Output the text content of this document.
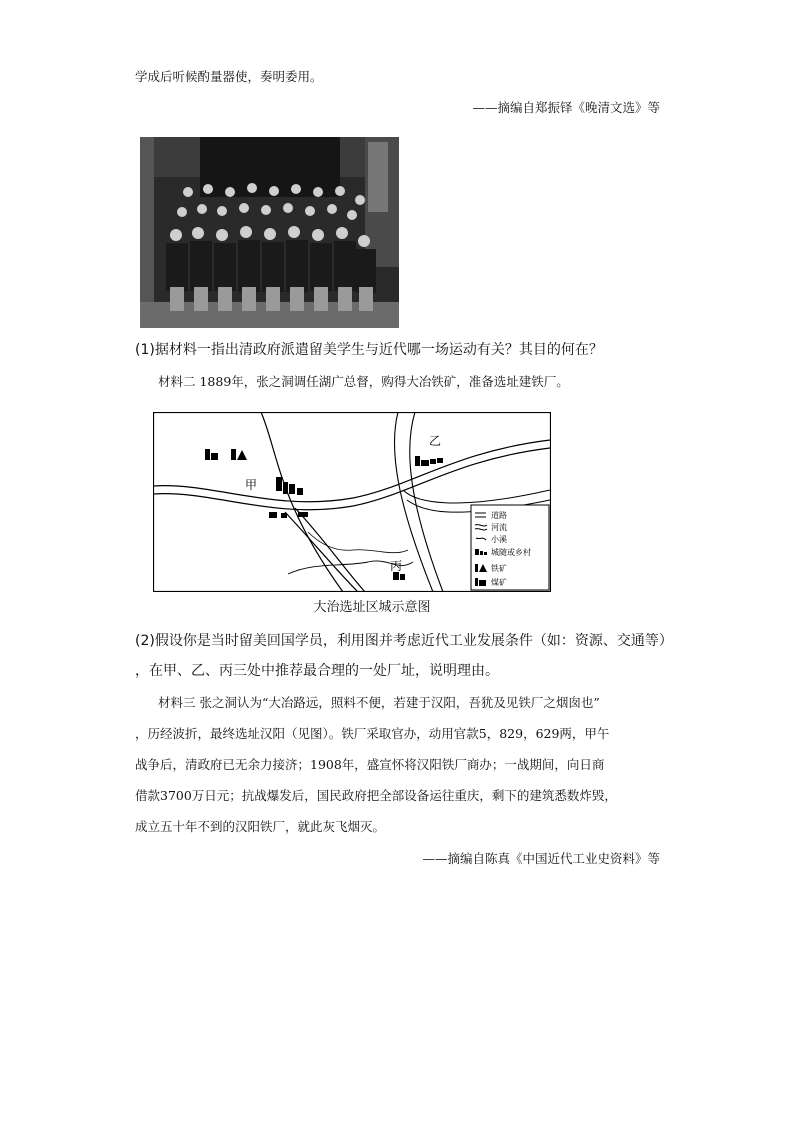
学成后听候酌量器使，奏明委用。
——摘编自郑振铎《晚清文选》等
(1)据材料一指出清政府派遣留美学生与近代哪一场运动有关？其目的何在？
材料二 1889年，张之洞调任湖广总督，购得大冶铁矿，准备选址建铁厂。
甲
乙
丙
道路
河流
小溪
城随或乡村
铁矿
煤矿
大治选址区城示意图
(2)假设你是当时留美回国学员，利用图并考虑近代工业发展条件（如：资源、交通等）
，在甲、乙、丙三处中推荐最合理的一处厂址，说明理由。
材料三 张之洞认为“大冶路远，照料不便，若建于汉阳，吾犹及见铁厂之烟囱也”
，历经波折，最终选址汉阳（见图）。铁厂采取官办，动用官款5，829，629两，甲午
战争后，清政府已无余力接济；1908年，盛宣怀将汉阳铁厂商办；一战期间，向日商
借款3700万日元；抗战爆发后，国民政府把全部设备运往重庆，剩下的建筑悉数炸毁，
成立五十年不到的汉阳铁厂，就此灰飞烟灭。
——摘编自陈真《中国近代工业史资料》等
